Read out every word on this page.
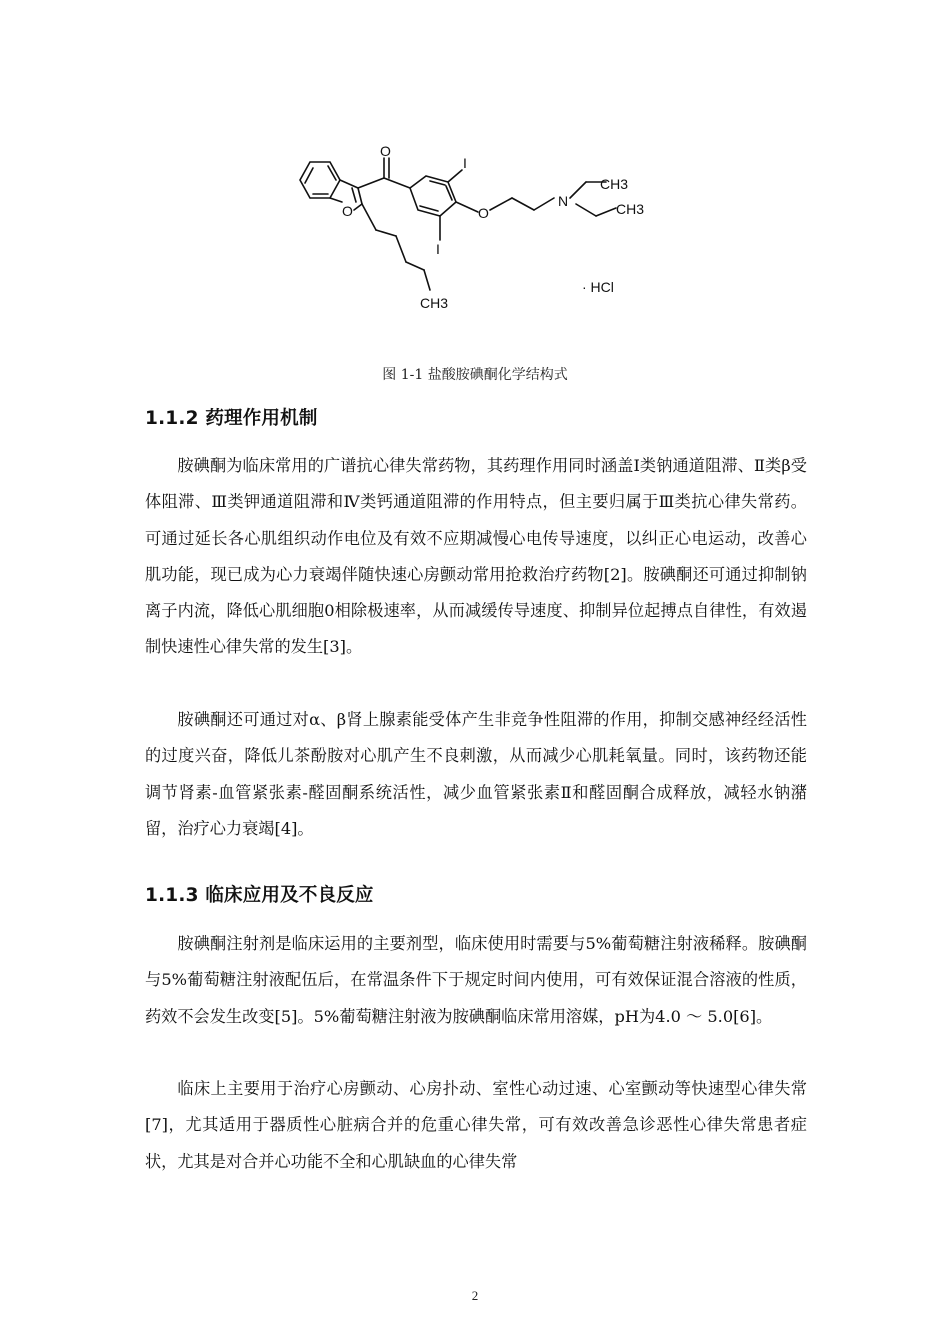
O
O
I
I
O
N
CH3
CH3
CH3
· HCl
图 1-1 盐酸胺碘酮化学结构式
1.1.2 药理作用机制

胺碘酮为临床常用的广谱抗心律失常药物，其药理作用同时涵盖Ⅰ类钠通道阻滞、Ⅱ类β受体阻滞、Ⅲ类钾通道阻滞和Ⅳ类钙通道阻滞的作用特点，但主要归属于Ⅲ类抗心律失常药。可通过延长各心肌组织动作电位及有效不应期减慢心电传导速度，以纠正心电运动，改善心肌功能，现已成为心力衰竭伴随快速心房颤动常用抢救治疗药物[2]。胺碘酮还可通过抑制钠离子内流，降低心肌细胞0相除极速率，从而减缓传导速度、抑制异位起搏点自律性，有效遏制快速性心律失常的发生[3]。

胺碘酮还可通过对α、β肾上腺素能受体产生非竞争性阻滞的作用，抑制交感神经经活性的过度兴奋，降低儿茶酚胺对心肌产生不良刺激，从而减少心肌耗氧量。同时，该药物还能调节肾素-血管紧张素-醛固酮系统活性，减少血管紧张素Ⅱ和醛固酮合成释放，减轻水钠潴留，治疗心力衰竭[4]。

1.1.3 临床应用及不良反应

胺碘酮注射剂是临床运用的主要剂型，临床使用时需要与5%葡萄糖注射液稀释。胺碘酮与5%葡萄糖注射液配伍后，在常温条件下于规定时间内使用，可有效保证混合溶液的性质，药效不会发生改变[5]。5%葡萄糖注射液为胺碘酮临床常用溶媒，pH为4.0 ～ 5.0[6]。

临床上主要用于治疗心房颤动、心房扑动、室性心动过速、心室颤动等快速型心律失常[7]，尤其适用于器质性心脏病合并的危重心律失常，可有效改善急诊恶性心律失常患者症状，尤其是对合并心功能不全和心肌缺血的心律失常

2
